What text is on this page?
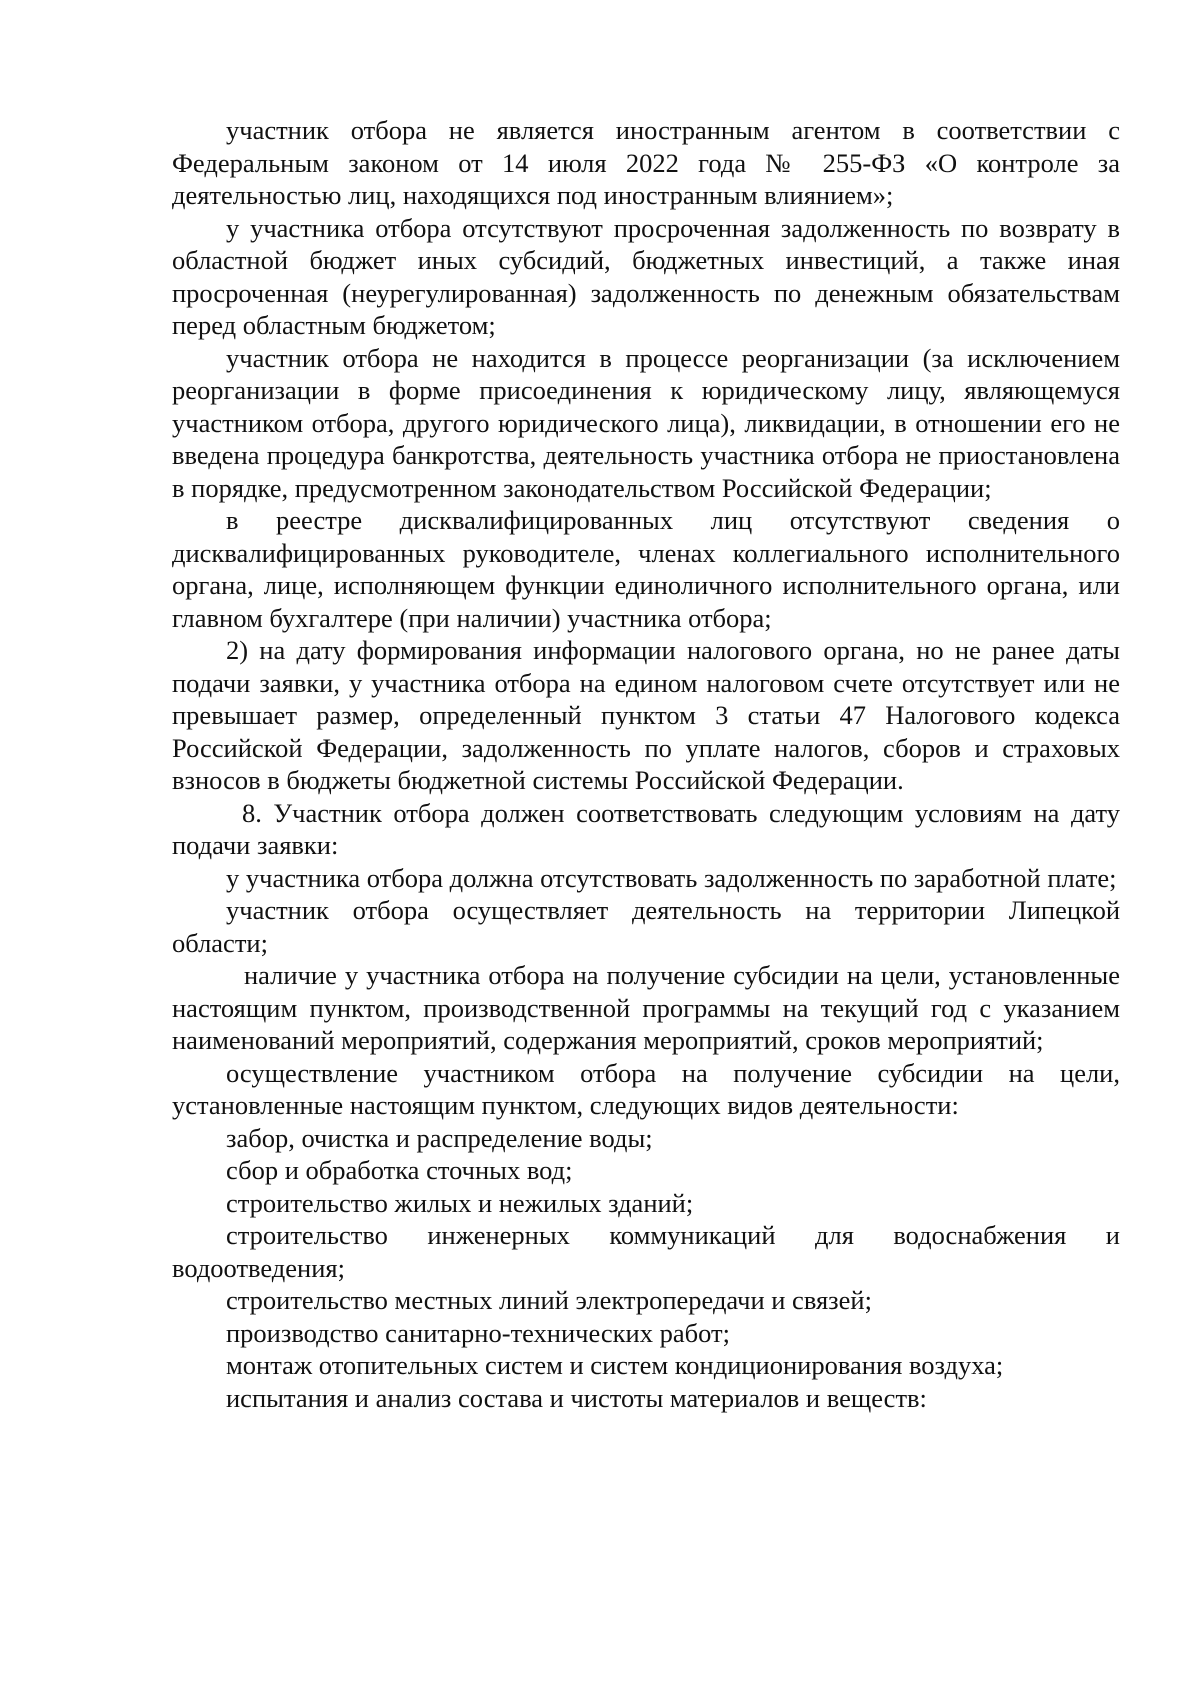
участник отбора не является иностранным агентом в соответствии с Федеральным законом от 14 июля 2022 года № 255-ФЗ «О контроле за деятельностью лиц, находящихся под иностранным влиянием»;

у участника отбора отсутствуют просроченная задолженность по возврату в областной бюджет иных субсидий, бюджетных инвестиций, а также иная просроченная (неурегулированная) задолженность по денежным обязательствам перед областным бюджетом;

участник отбора не находится в процессе реорганизации (за исключением реорганизации в форме присоединения к юридическому лицу, являющемуся участником отбора, другого юридического лица), ликвидации, в отношении его не введена процедура банкротства, деятельность участника отбора не приостановлена в порядке, предусмотренном законодательством Российской Федерации;

в реестре дисквалифицированных лиц отсутствуют сведения о дисквалифицированных руководителе, членах коллегиального исполнительного органа, лице, исполняющем функции единоличного исполнительного органа, или главном бухгалтере (при наличии) участника отбора;

2) на дату формирования информации налогового органа, но не ранее даты подачи заявки, у участника отбора на едином налоговом счете отсутствует или не превышает размер, определенный пунктом 3 статьи 47 Налогового кодекса Российской Федерации, задолженность по уплате налогов, сборов и страховых взносов в бюджеты бюджетной системы Российской Федерации.

8. Участник отбора должен соответствовать следующим условиям на дату подачи заявки:

у участника отбора должна отсутствовать задолженность по заработной плате;

участник отбора осуществляет деятельность на территории Липецкой области;

наличие у участника отбора на получение субсидии на цели, установленные настоящим пунктом, производственной программы на текущий год с указанием наименований мероприятий, содержания мероприятий, сроков мероприятий;

осуществление участником отбора на получение субсидии на цели, установленные настоящим пунктом, следующих видов деятельности:

забор, очистка и распределение воды;

сбор и обработка сточных вод;

строительство жилых и нежилых зданий;

строительство инженерных коммуникаций для водоснабжения и водоотведения;

строительство местных линий электропередачи и связей;

производство санитарно-технических работ;

монтаж отопительных систем и систем кондиционирования воздуха;

испытания и анализ состава и чистоты материалов и веществ:
